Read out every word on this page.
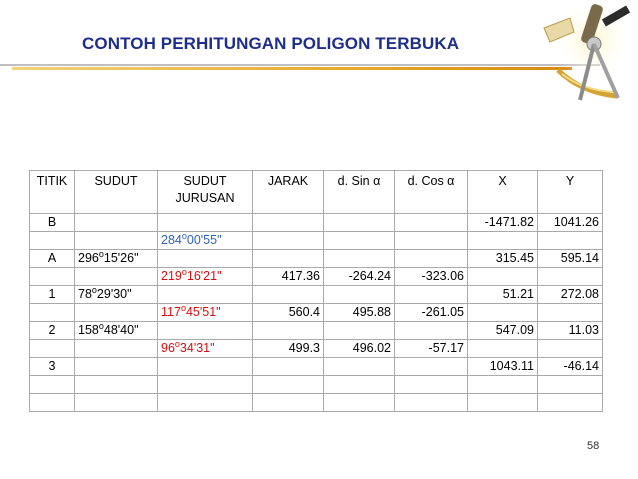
CONTOH PERHITUNGAN POLIGON TERBUKA
TITIK	SUDUT	SUDUT JURUSAN	JARAK	d. Sin α	d. Cos α	X	Y
B						-1471.82	1041.26
		284$^o$00'55"					
A	296$^o$15'26"					315.45	595.14
		219$^o$16'21"	417.36	-264.24	-323.06		
1	78$^o$29'30"					51.21	272.08
		117$^o$45'51"	560.4	495.88	-261.05		
2	158$^o$48'40"					547.09	11.03
		96$^o$34'31"	499.3	496.02	-57.17		
3						1043.11	-46.14

58
